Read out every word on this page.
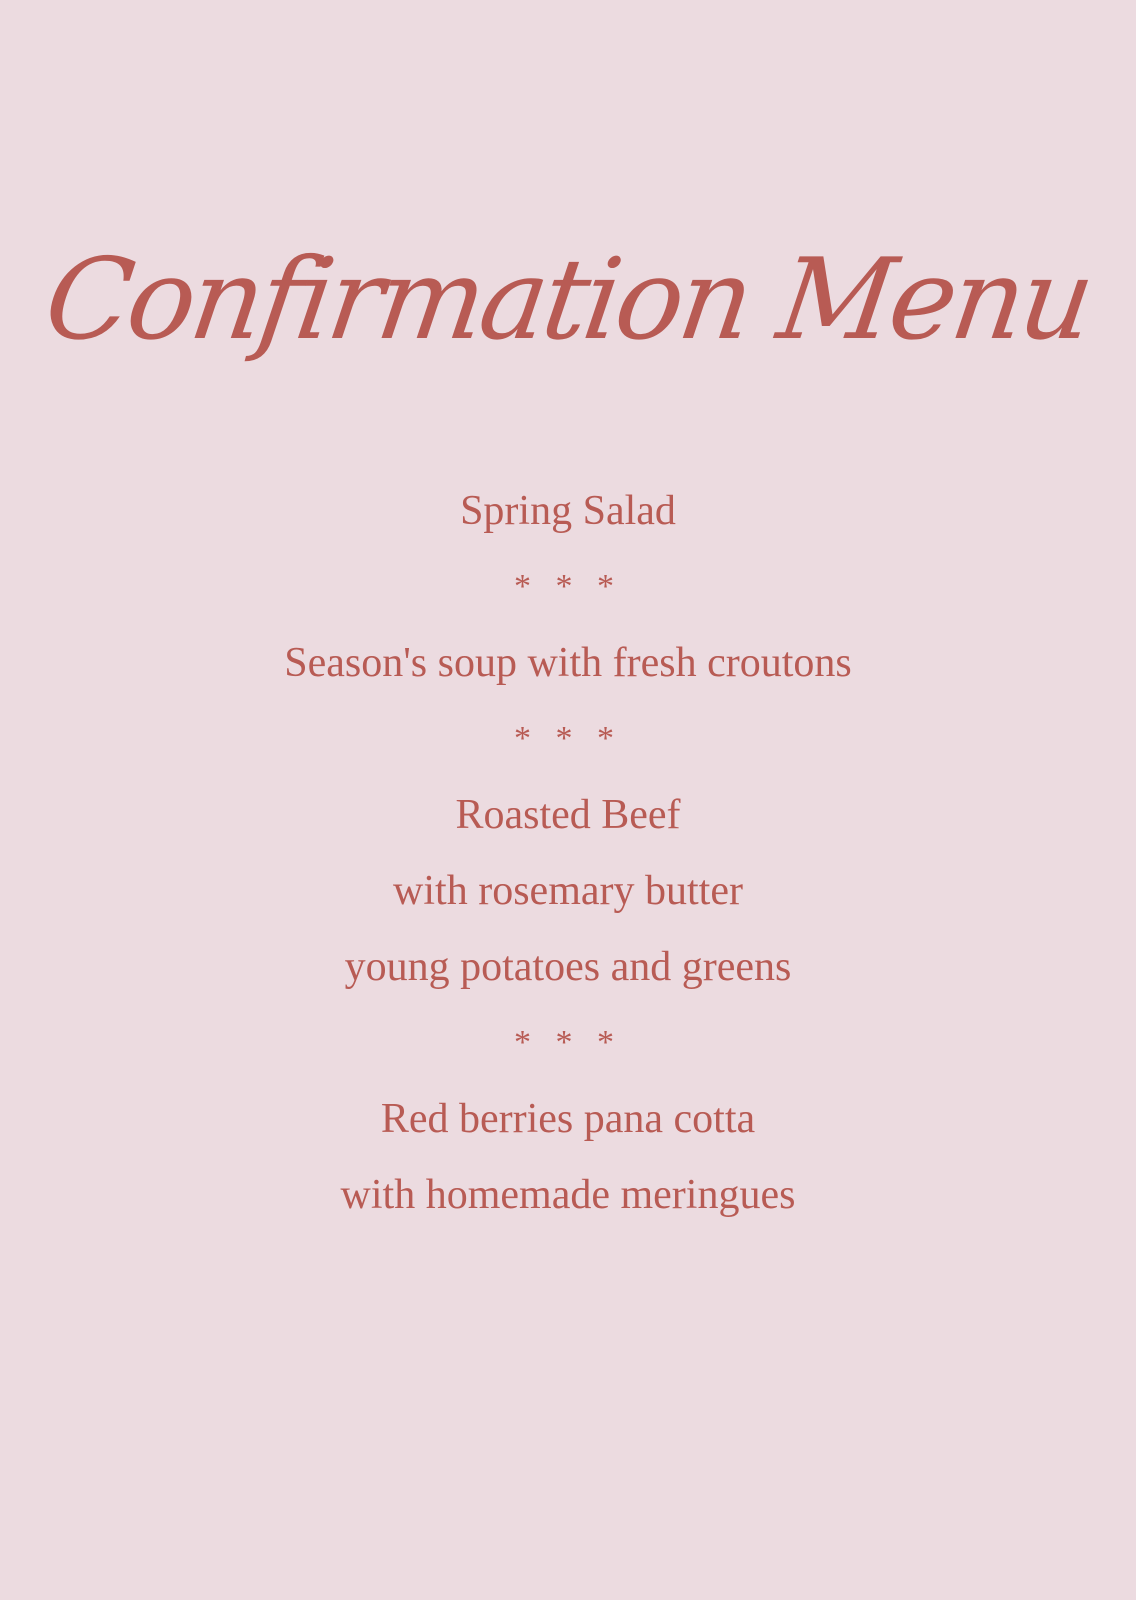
Confirmation Menu
Spring Salad
* * *
Season's soup with fresh croutons
* * *
Roasted Beef
with rosemary butter
young potatoes and greens
* * *
Red berries pana cotta
with homemade meringues
